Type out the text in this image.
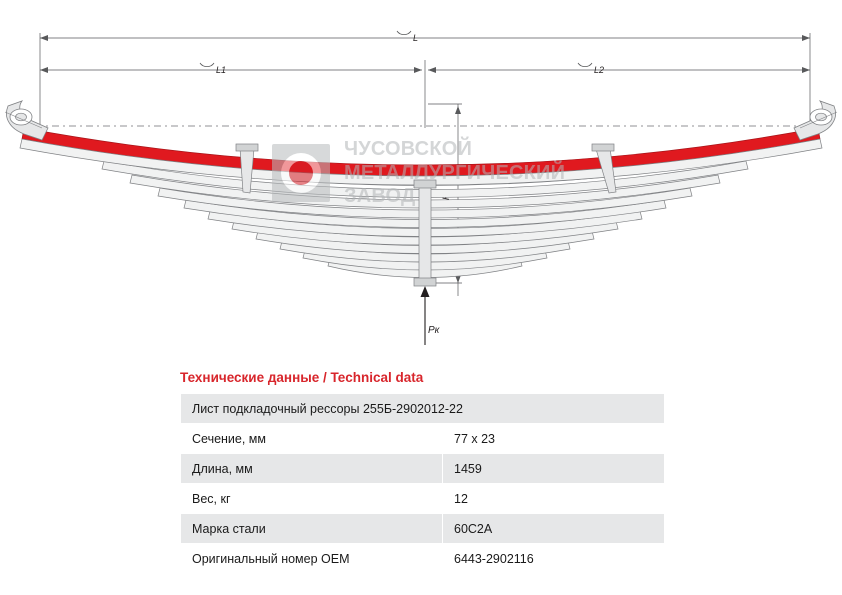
L
L1	L2
Pк
ЧУСОВСКОЙ
МЕТАЛЛУРГИЧЕСКИЙ
ЗАВОД
Технические данные / Technical data
Лист подкладочный рессоры 255Б-2902012-22	
Сечение, мм	77 x 23
Длина, мм	1459
Вес, кг	12
Марка стали	60С2А
Оригинальный номер ОЕМ	6443-2902116
